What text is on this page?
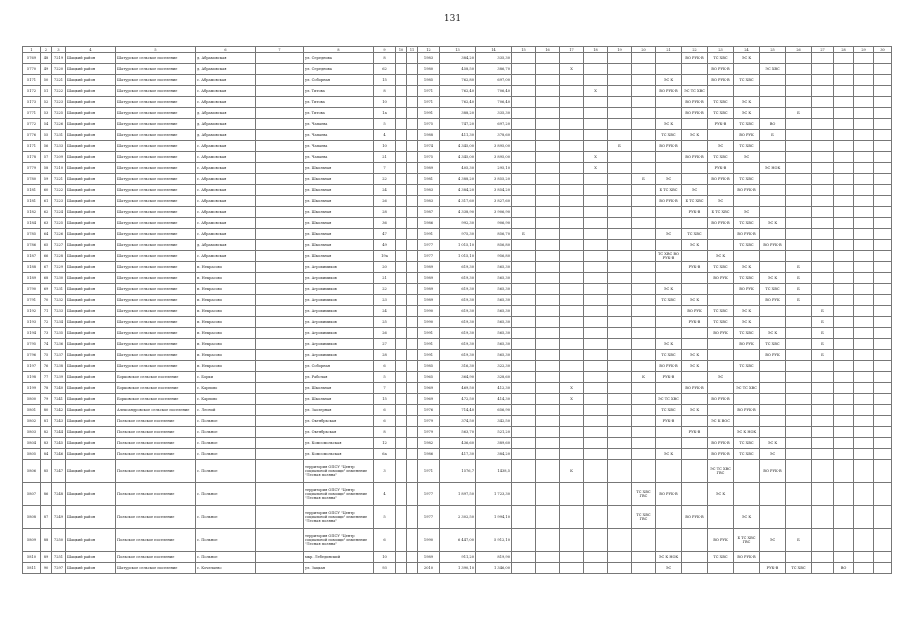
131
1	2	3	4	5	6	7	8	9	10	11	12	13	14	15	16	17	18	19	20	21	22	23	24	25	26	27	28	29	30
5769	48	7219	Шацкий район	Шатурское сельское поселение	д. Абрамовская		ул. Середнова	8			1983	384,20	335,30								ВО РУК-В	ТС ХВС	ЭС К						
5770	49	7220	Шацкий район	Шатурское сельское поселение	д. Абрамовская		ул. Середнова	62			1980	458,50	386,70			Х						ВО РУК-В		ЭС ХВС					
5171	50	7221	Шацкий район	Шатурское сельское поселение	с. Абрамовская		ул. Соборная	15			1985	762,80	697,00							ЭС К		ВО РУК-В	ТС ХВС						
5172	51	7222	Шацкий район	Шатурское сельское поселение	с. Абрамовская		ул. Титова	8			1971	762,40	706,40				Х			ВО РУК-В	ЭС ТС ХВС								
5173	52	7223	Шацкий район	Шатурское сельское поселение	с. Абрамовская		ул. Титова	10			1971	762,40	706,40								ВО РУК-В	ТС ХВС	ЭС К						
5771	53	7225	Шацкий район	Шатурское сельское поселение	д. Абрамовская		ул. Титова	1а			1991	388,20	335,30								ВО РУК-В	ТС ХВС	ЭС К		Б				
5772	54	7226	Шацкий район	Шатурское сельское поселение	д. Абрамовская		ул. Чапаева	5			1975	747,20	697,20							ЭС К		РУК-В	ТС ХВС	ВО					
5776	55	7231	Шацкий район	Шатурское сельское поселение	д. Абрамовская		ул. Чапаева	4			1988	411,30	378,60							ТС ХВС	ЭС К		ВО РУК	Б					
5171	56	7233	Шацкий район	Шатурское сельское поселение	с. Абрамовская		ул. Чапаева	10			1974	4 345,00	3 895,00					Б		ВО РУК-В		ЭС	ТС ХВС						
5178	57	7209	Шацкий район	Шатурское сельское поселение	с. Абрамовская		ул. Чапаева	21			1975	4 345,00	3 895,00				Х				ВО РУК-В	ТС ХВС	ЭС						
5779	58	7210	Шацкий район	Шатурское сельское поселение	с. Абрамовская		ул. Школьная	7			1989	405,30	295,10				Х					РУК-В		ЭС НОК					
5780	59	7221	Шацкий район	Шатурское сельское поселение	с. Абрамовская		ул. Школьная	22			1981	4 388,20	3 855,20						Б	ЭС		ВО РУК-В	ТС ХВС						
5181	60	7222	Шацкий район	Шатурское сельское поселение	с. Абрамовская		ул. Школьная	24			1983	4 384,20	3 854,20							Б ТС ХВС	ЭС		ВО РУК-В						
5181	61	7223	Шацкий район	Шатурское сельское поселение	с. Абрамовская		ул. Школьная	26			1983	4 317,60	3 827,60							ВО РУК-В	Б ТС ХВС	ЭС							
5182	62	7224	Шацкий район	Шатурское сельское поселение	с. Абрамовская		ул. Школьная	28			1987	4 338,90	3 906,90								РУК-В	Б ТС ХВС	ЭС						
5184	63	7225	Шацкий район	Шатурское сельское поселение	с. Абрамовская		ул. Школьная	36			1986	992,30	906,90									ВО РУК-В	ТС ХВС	ЭС К					
5785	64	7226	Шацкий район	Шатурское сельское поселение	с. Абрамовская		ул. Школьная	47			1991	975,30	856,70	Б						ЭС	ТС ХВС		ВО РУК-В						
5786	65	7227	Шацкий район	Шатурское сельское поселение	д. Абрамовская		ул. Школьная	49			1977	1 015,10	856,80								ЭС К		ТС ХВС	ВО РУК-В					
5187	66	7228	Шацкий район	Шатурское сельское поселение	с. Абрамовская		ул. Школьная	19а			1977	1 015,10	956,80							ТС ХВС ВО РУК-В		ЭС К							
5188	67	7229	Шацкий район	Шатурское сельское поселение	п. Некрасово		ул. Агрохимиков	20			1989	619,30	565,30								РУК-В	ТС ХВС	ЭС К		Б				
5189	68	7230	Шацкий район	Шатурское сельское поселение	п. Некрасово		ул. Агрохимиков	21			1989	619,30	565,30									ВО РУК	ТС ХВС	ЭС К	Б				
5790	69	7231	Шацкий район	Шатурское сельское поселение	п. Некрасово		ул. Агрохимиков	22			1989	619,30	565,30							ЭС К			ВО РУК	ТС ХВС	Б				
5791	70	7232	Шацкий район	Шатурское сельское поселение	п. Некрасово		ул. Агрохимиков	23			1989	619,30	565,30							ТС ХВС	ЭС К			ВО РУК	Б				
5192	71	7233	Шацкий район	Шатурское сельское поселение	п. Некрасово		ул. Агрохимиков	24			1990	619,30	565,30								ВО РУК	ТС ХВС	ЭС К			Б			
5193	72	7234	Шацкий район	Шатурское сельское поселение	п. Некрасово		ул. Агрохимиков	25			1990	619,30	565,30								РУК-В	ТС ХВС	ЭС К			Б			
5194	73	7235	Шацкий район	Шатурское сельское поселение	п. Некрасово		ул. Агрохимиков	26			1991	619,30	565,30									ВО РУК	ТС ХВС	ЭС К		Б			
5795	74	7236	Шацкий район	Шатурское сельское поселение	п. Некрасово		ул. Агрохимиков	27			1991	619,30	565,30							ЭС К			ВО РУК	ТС ХВС		Б			
5796	75	7237	Шацкий район	Шатурское сельское поселение	п. Некрасово		ул. Агрохимиков	28			1991	619,30	565,30							ТС ХВС	ЭС К			ВО РУК		Б			
5197	76	7238	Шацкий район	Шатурское сельское поселение	п. Некрасово		ул. Соборная	6			1985	316,30	322,30							ВО РУК-В	ЭС К		ТС ХВС						
5198	77	7239	Шацкий район	Борковское сельское поселение	с. Борки		ул. Рабочая	5			1965	364,90	328,60						К	РУК-В		ЭС							
5199	78	7240	Шацкий район	Борковское сельское поселение	с. Карпово		ул. Школьная	7			1969	469,50	412,30			Х					ВО РУК-В		ЭС ТС ХВС						
5800	79	7241	Шацкий район	Борковское сельское поселение	с. Карпово		ул. Школьная	15			1969	472,50	414,30			Х				ЭС ТС ХВС		ВО РУК-В							
5801	80	7242	Шацкий район	Александровское сельское поселение	с. Лесной		ул. Заозерная	6			1976	714,40	656,90							ТС ХВС	ЭС К		ВО РУК-В						
5802	81	7243	Шацкий район	Польское сельское поселение	с. Польное		ул. Октябрьская	6			1979	374,50	342,50							РУК-В		ЭС К ВОС							
5803	82	7244	Шацкий район	Польское сельское поселение	с. Польное		ул. Октябрьская	8			1979	563,70	521,20								РУК-В		ЭС К НОК						
5804	83	7245	Шацкий район	Польское сельское поселение	с. Польное		ул. Комсомольская	12			1982	436,60	389,60									ВО РУК-В	ТС ХВС	ЭС К					
5805	84	7246	Шацкий район	Польское сельское поселение	с. Польное		ул. Комсомольская	6а			1986	417,30	384,20							ЭС К		ВО РУК-В	ТС ХВС	ЭС					
5806	85	7247	Шацкий район	Польское сельское поселение	с. Польное		территория ОПСУ "Центр социальной помощи" изменение "Лесная поляна"	3			1971	1576,7	1438,5			К						ЭС ТС ХВС ГВС		ВО РУК-В					
5807	86	7248	Шацкий район	Польское сельское поселение	с. Польное		территория ОПСУ "Центр социальной помощи" изменение "Лесная поляна"	4			1977	1 897,50	1 723,30						ТС ХВС ГВС	ВО РУК-В		ЭС К							
5808	87	7249	Шацкий район	Польское сельское поселение	с. Польное		территория ОПСУ "Центр социальной помощи" изменение "Лесная поляна"	5			1977	2 302,50	1 994,10						ТС ХВС ГВС		ВО РУК-В		ЭС К						
5809	88	7250	Шацкий район	Польское сельское поселение	с. Польное		территория ОПСУ "Центр социальной помощи" изменение "Лесная поляна"	6			1990	6 447,00	5 912,10									ВО РУК	Б ТС ХВС ГВС	ЭС	Б				
5810	89	7251	Шацкий район	Польское сельское поселение	с. Польное		мкр. Лебединский	10			1989	911,20	819,90							ЭС К НОК		ТС ХВС	ВО РУК-В						
5811	90	7297	Шацкий район	Шатурское сельское поселение	с. Кочелаево		ул. Зацкая	93			2010	1 390,10	1 346,00							ЭС				РУК-В	ТС ХВС		ВО		
